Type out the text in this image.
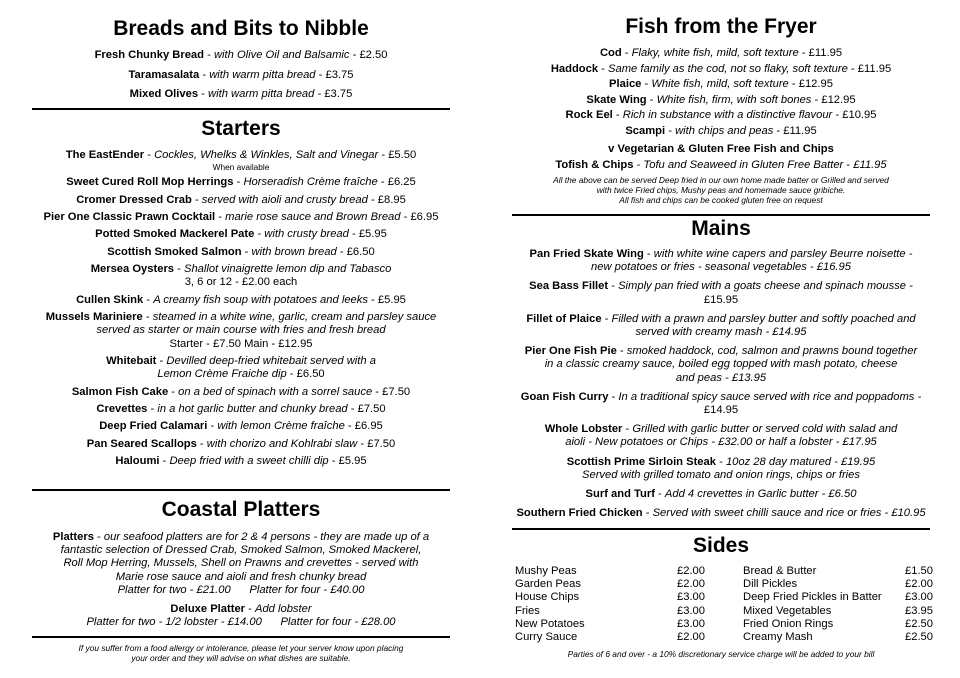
Breads and Bits to Nibble
Fresh Chunky Bread - with Olive Oil and Balsamic - £2.50
Taramasalata - with warm pitta bread - £3.75
Mixed Olives - with warm pitta bread - £3.75
Starters
The EastEnder - Cockles, Whelks & Winkles, Salt and Vinegar - £5.50
When available
Sweet Cured Roll Mop Herrings - Horseradish Crème fraîche - £6.25
Cromer Dressed Crab - served with aioli and crusty bread - £8.95
Pier One Classic Prawn Cocktail - marie rose sauce and Brown Bread - £6.95
Potted Smoked Mackerel Pate - with crusty bread - £5.95
Scottish Smoked Salmon - with brown bread - £6.50
Mersea Oysters - Shallot vinaigrette lemon dip and Tabasco
3, 6 or 12 - £2.00 each
Cullen Skink - A creamy fish soup with potatoes and leeks - £5.95
Mussels Mariniere - steamed in a white wine, garlic, cream and parsley sauce
served as starter or main course with fries and fresh bread
Starter - £7.50 Main - £12.95
Whitebait - Devilled deep-fried whitebait served with a
Lemon Crème Fraiche dip - £6.50
Salmon Fish Cake - on a bed of spinach with a sorrel sauce - £7.50
Crevettes - in a hot garlic butter and chunky bread - £7.50
Deep Fried Calamari - with lemon Crème fraîche - £6.95
Pan Seared Scallops - with chorizo and Kohlrabi slaw - £7.50
Haloumi - Deep fried with a sweet chilli dip - £5.95
Coastal Platters
Platters - our seafood platters are for 2 & 4 persons - they are made up of a
fantastic selection of Dressed Crab, Smoked Salmon, Smoked Mackerel,
Roll Mop Herring, Mussels, Shell on Prawns and crevettes - served with
Marie rose sauce and aioli and fresh chunky bread
Platter for two - £21.00      Platter for four - £40.00
Deluxe Platter - Add lobster
Platter for two - 1/2 lobster - £14.00      Platter for four - £28.00
If you suffer from a food allergy or intolerance, please let your server know upon placing
your order and they will advise on what dishes are suitable.
Fish from the Fryer
Cod - Flaky, white fish, mild, soft texture - £11.95
Haddock - Same family as the cod, not so flaky, soft texture - £11.95
Plaice - White fish, mild, soft texture - £12.95
Skate Wing - White fish, firm, with soft bones - £12.95
Rock Eel - Rich in substance with a distinctive flavour - £10.95
Scampi - with chips and peas - £11.95
v Vegetarian & Gluten Free Fish and Chips
Tofish & Chips - Tofu and Seaweed in Gluten Free Batter - £11.95
All the above can be served Deep fried in our own home made batter or Grilled and served
with twice Fried chips, Mushy peas and homemade sauce gribiche.
All fish and chips can be cooked gluten free on request
Mains
Pan Fried Skate Wing - with white wine capers and parsley Beurre noisette -
new potatoes or fries - seasonal vegetables - £16.95
Sea Bass Fillet - Simply pan fried with a goats cheese and spinach mousse -
£15.95
Fillet of Plaice - Filled with a prawn and parsley butter and softly poached and
served with creamy mash - £14.95
Pier One Fish Pie - smoked haddock, cod, salmon and prawns bound together
in a classic creamy sauce, boiled egg topped with mash potato, cheese
and peas - £13.95
Goan Fish Curry - In a traditional spicy sauce served with rice and poppadoms -
£14.95
Whole Lobster - Grilled with garlic butter or served cold with salad and
aioli - New potatoes or Chips - £32.00 or half a lobster - £17.95
Scottish Prime Sirloin Steak - 10oz 28 day matured - £19.95
Served with grilled tomato and onion rings, chips or fries
Surf and Turf - Add 4 crevettes in Garlic butter - £6.50
Southern Fried Chicken - Served with sweet chilli sauce and rice or fries - £10.95
Sides
Mushy Peas	£2.00
Garden Peas	£2.00
House Chips	£3.00
Fries	£3.00
New Potatoes	£3.00
Curry Sauce	£2.00
Bread & Butter	£1.50
Dill Pickles	£2.00
Deep Fried Pickles in Batter £3.00
Mixed Vegetables	£3.95
Fried Onion Rings	£2.50
Creamy Mash	£2.50
Parties of 6 and over - a 10% discretionary service charge will be added to your bill
